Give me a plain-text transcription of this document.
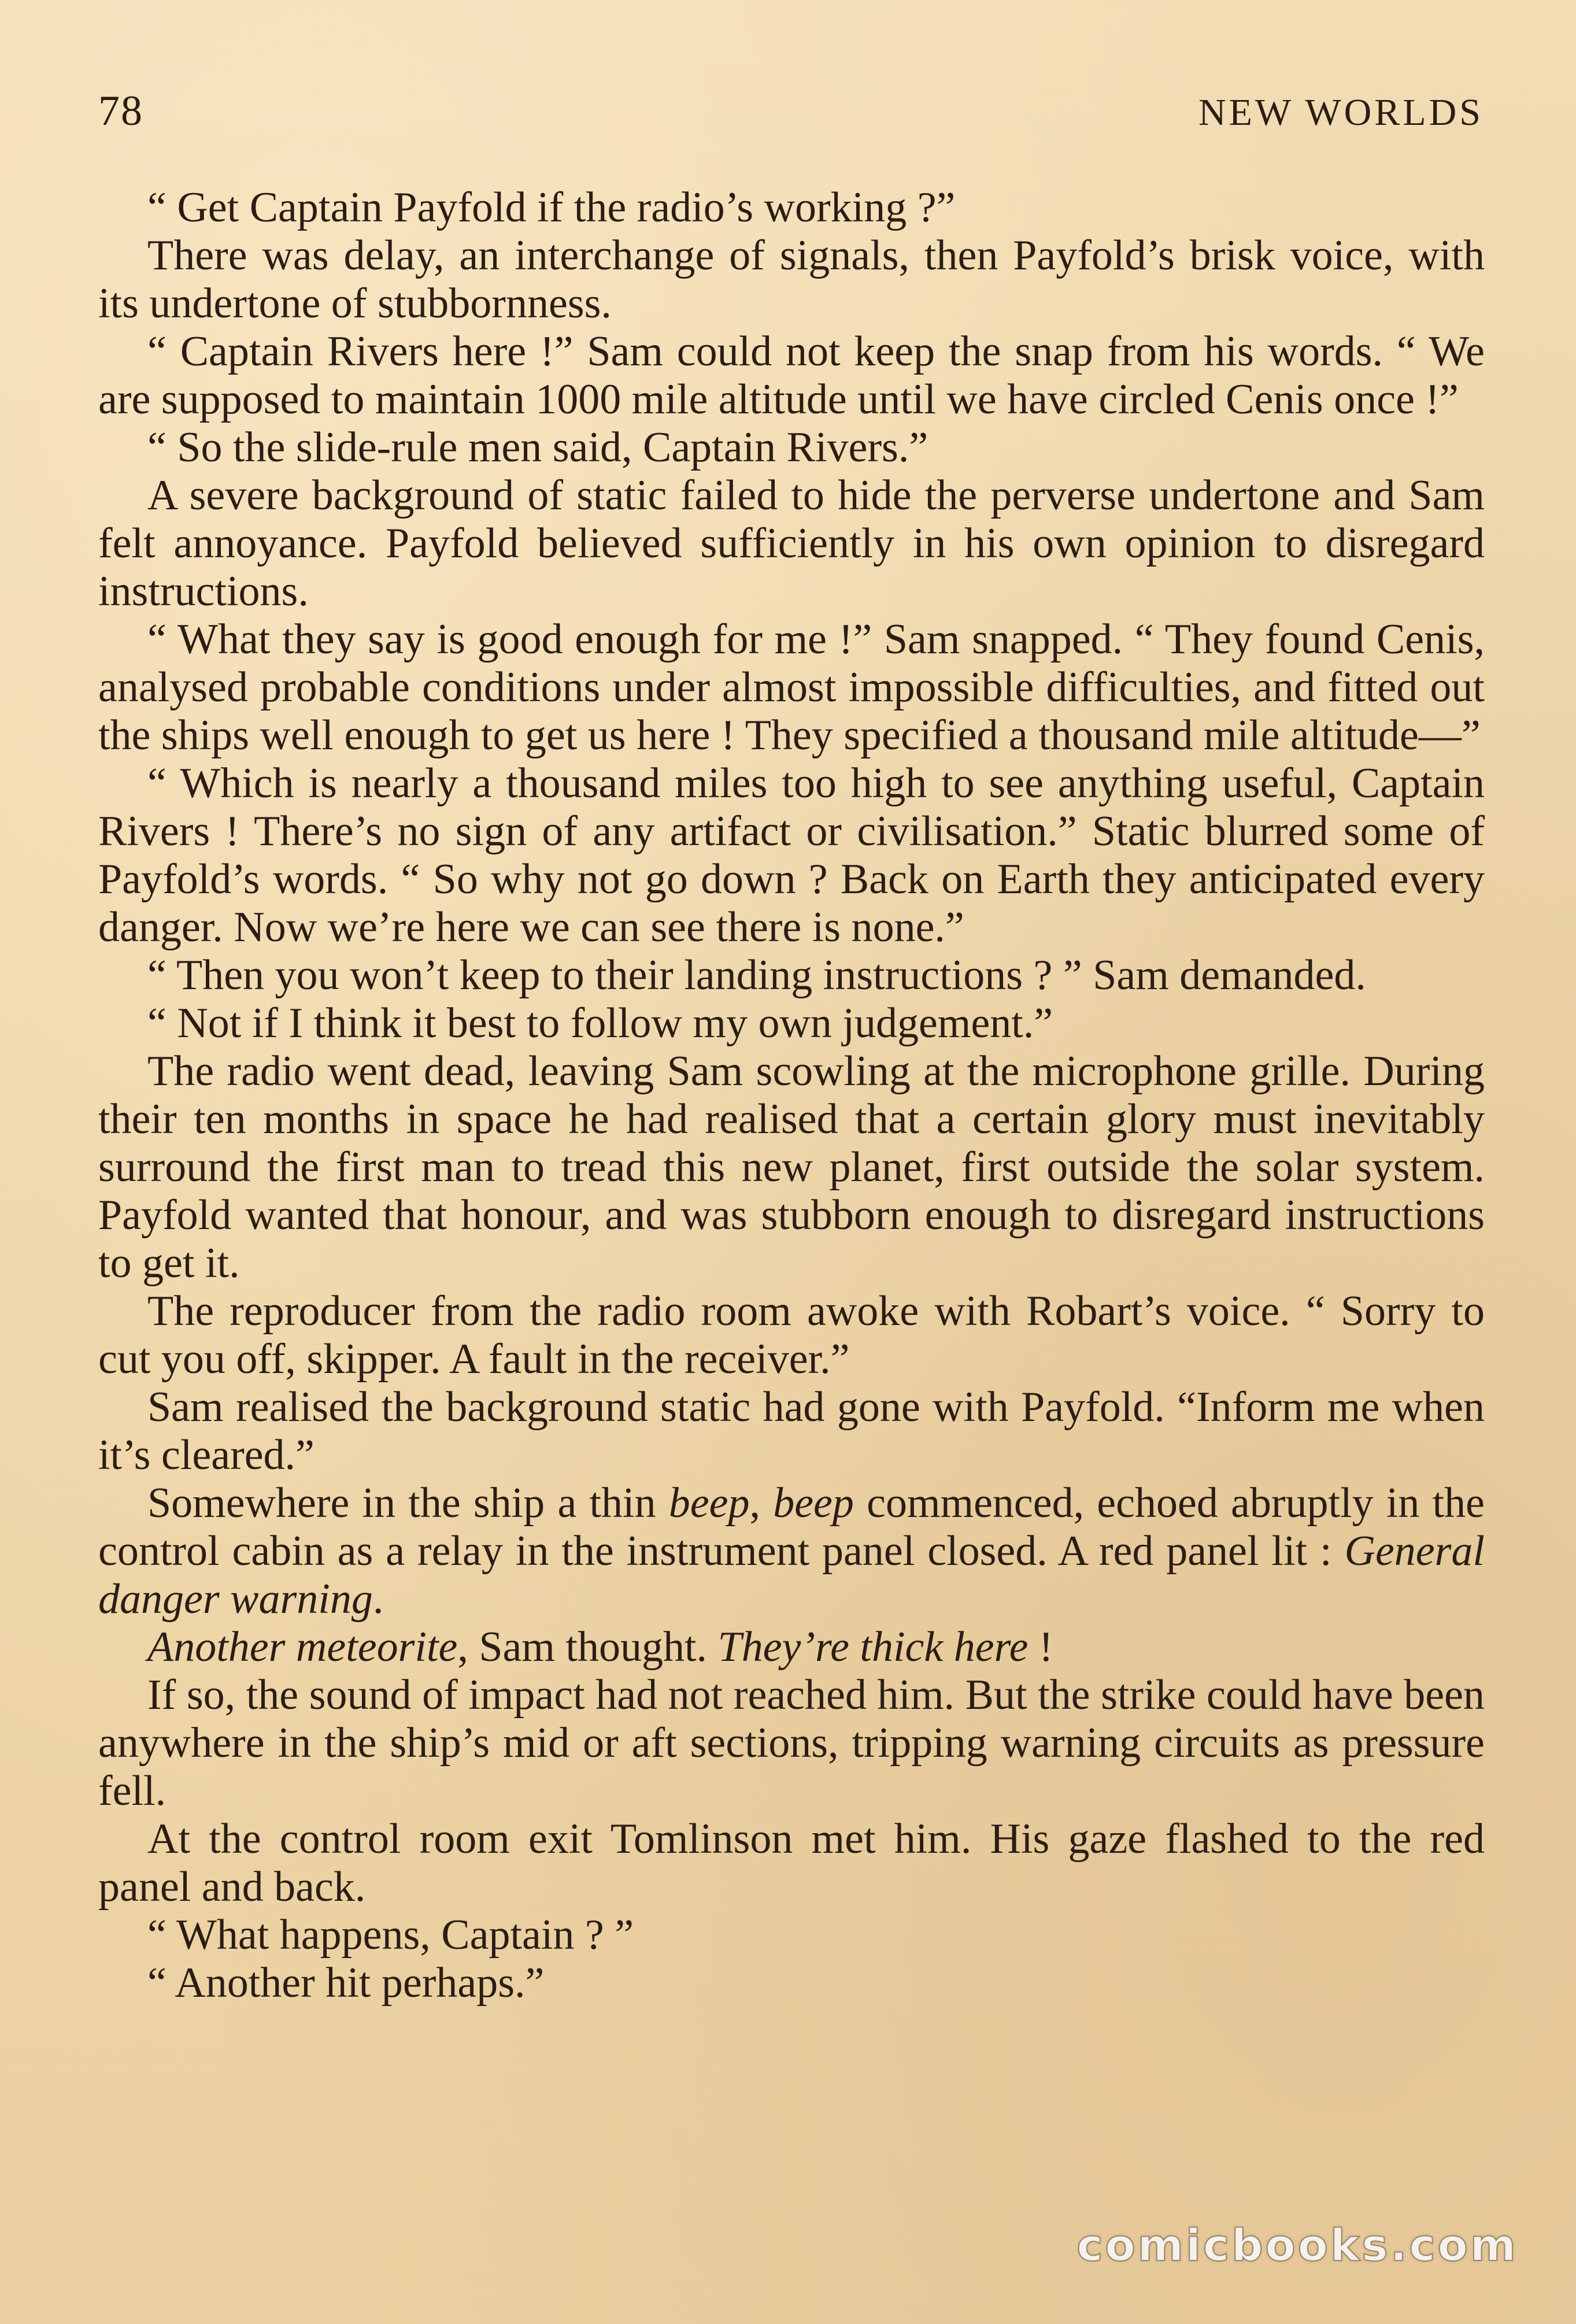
78	NEW WORLDS

“ Get Captain Payfold if the radio’s working ?”

There was delay, an interchange of signals, then Payfold’s brisk voice, with its undertone of stubbornness.

“ Captain Rivers here !” Sam could not keep the snap from his words. “ We are supposed to maintain 1000 mile altitude until we have circled Cenis once !”

“ So the slide-rule men said, Captain Rivers.”

A severe background of static failed to hide the perverse undertone and Sam felt annoyance. Payfold believed sufficiently in his own opinion to disregard instructions.

“ What they say is good enough for me !” Sam snapped. “ They found Cenis, analysed probable conditions under almost impossible difficulties, and fitted out the ships well enough to get us here ! They specified a thousand mile altitude—”

“ Which is nearly a thousand miles too high to see anything useful, Captain Rivers ! There’s no sign of any artifact or civilisation.” Static blurred some of Payfold’s words. “ So why not go down ? Back on Earth they anticipated every danger. Now we’re here we can see there is none.”

“ Then you won’t keep to their landing instructions ? ” Sam demanded.

“ Not if I think it best to follow my own judgement.”

The radio went dead, leaving Sam scowling at the microphone grille. During their ten months in space he had realised that a certain glory must inevitably surround the first man to tread this new planet, first outside the solar system. Payfold wanted that honour, and was stubborn enough to disregard instructions to get it.

The reproducer from the radio room awoke with Robart’s voice. “ Sorry to cut you off, skipper. A fault in the receiver.”

Sam realised the background static had gone with Payfold. “Inform me when it’s cleared.”

Somewhere in the ship a thin beep, beep commenced, echoed abruptly in the control cabin as a relay in the instrument panel closed. A red panel lit : General danger warning.

Another meteorite, Sam thought. They’re thick here !

If so, the sound of impact had not reached him. But the strike could have been anywhere in the ship’s mid or aft sections, tripping warning circuits as pressure fell.

At the control room exit Tomlinson met him. His gaze flashed to the red panel and back.

“ What happens, Captain ? ”

“ Another hit perhaps.”

comicbooks.com
